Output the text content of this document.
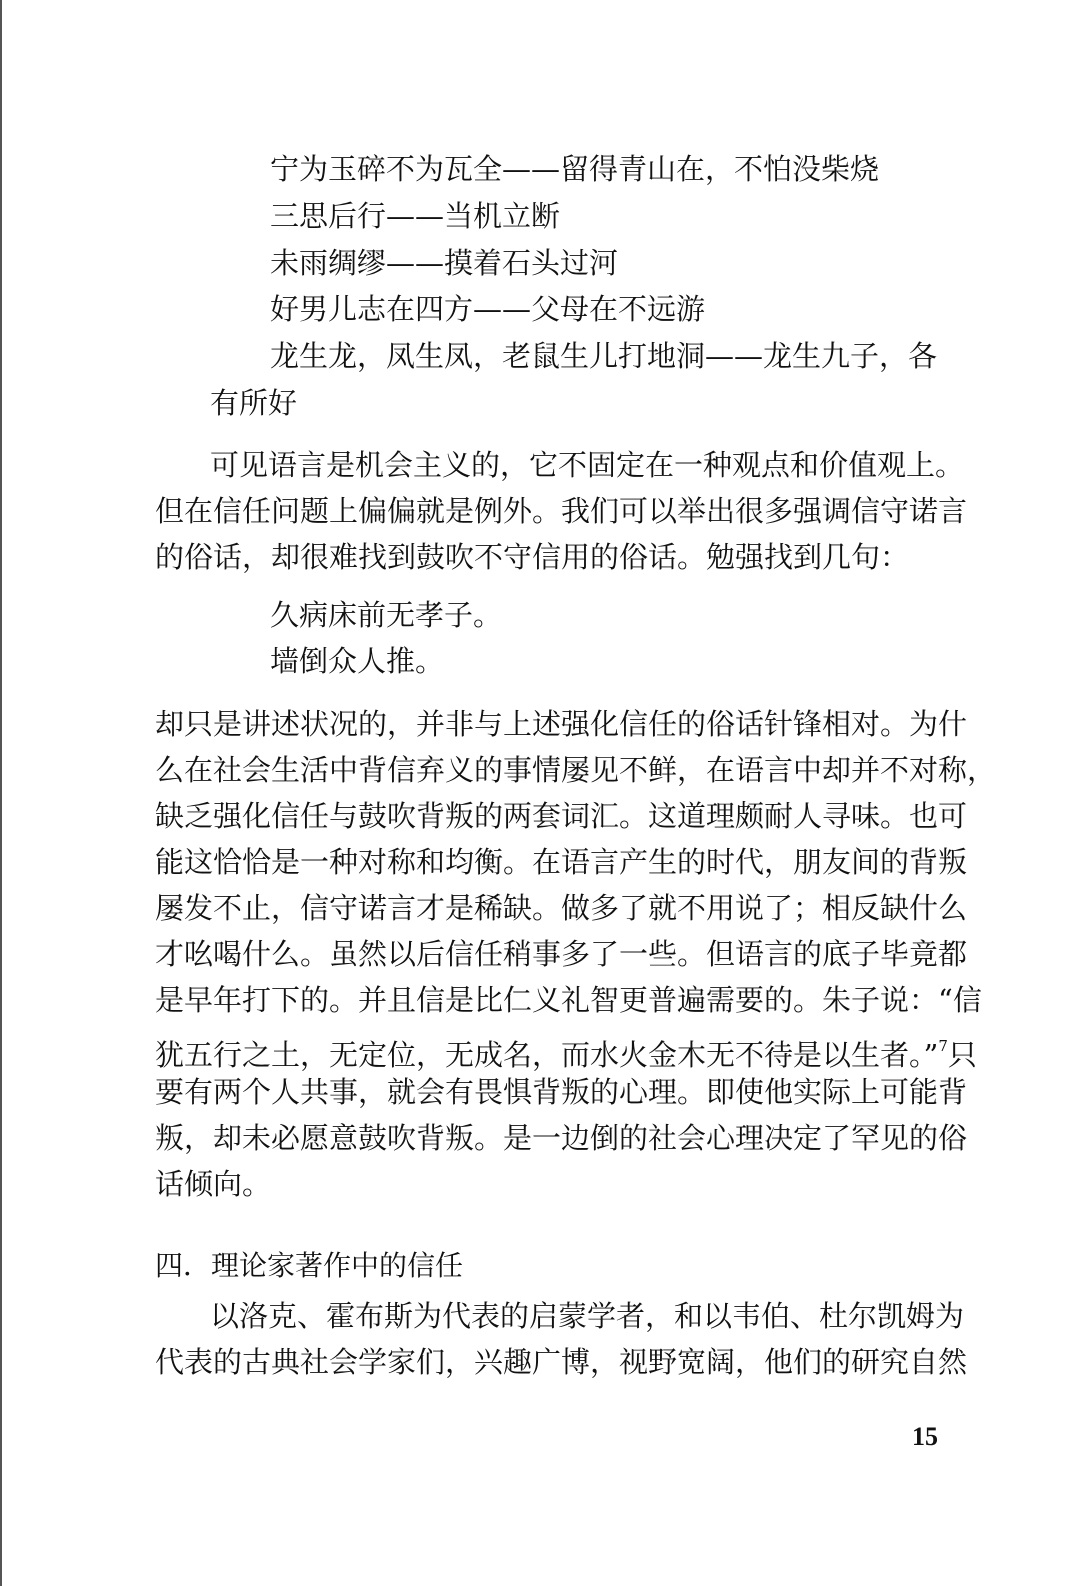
宁为玉碎不为瓦全——留得青山在，不怕没柴烧
三思后行——当机立断
未雨绸缪——摸着石头过河
好男儿志在四方——父母在不远游
龙生龙，凤生凤，老鼠生儿打地洞——龙生九子，各
有所好
可见语言是机会主义的，它不固定在一种观点和价值观上。
但在信任问题上偏偏就是例外。我们可以举出很多强调信守诺言
的俗话，却很难找到鼓吹不守信用的俗话。勉强找到几句：
久病床前无孝子。
墙倒众人推。
却只是讲述状况的，并非与上述强化信任的俗话针锋相对。为什
么在社会生活中背信弃义的事情屡见不鲜，在语言中却并不对称，
缺乏强化信任与鼓吹背叛的两套词汇。这道理颇耐人寻味。也可
能这恰恰是一种对称和均衡。在语言产生的时代，朋友间的背叛
屡发不止，信守诺言才是稀缺。做多了就不用说了；相反缺什么
才吆喝什么。虽然以后信任稍事多了一些。但语言的底子毕竟都
是早年打下的。并且信是比仁义礼智更普遍需要的。朱子说：“信
犹五行之土，无定位，无成名，而水火金木无不待是以生者。”$^7$只
要有两个人共事，就会有畏惧背叛的心理。即使他实际上可能背
叛，却未必愿意鼓吹背叛。是一边倒的社会心理决定了罕见的俗
话倾向。
四．理论家著作中的信任
以洛克、霍布斯为代表的启蒙学者，和以韦伯、杜尔凯姆为
代表的古典社会学家们，兴趣广博，视野宽阔，他们的研究自然
15
